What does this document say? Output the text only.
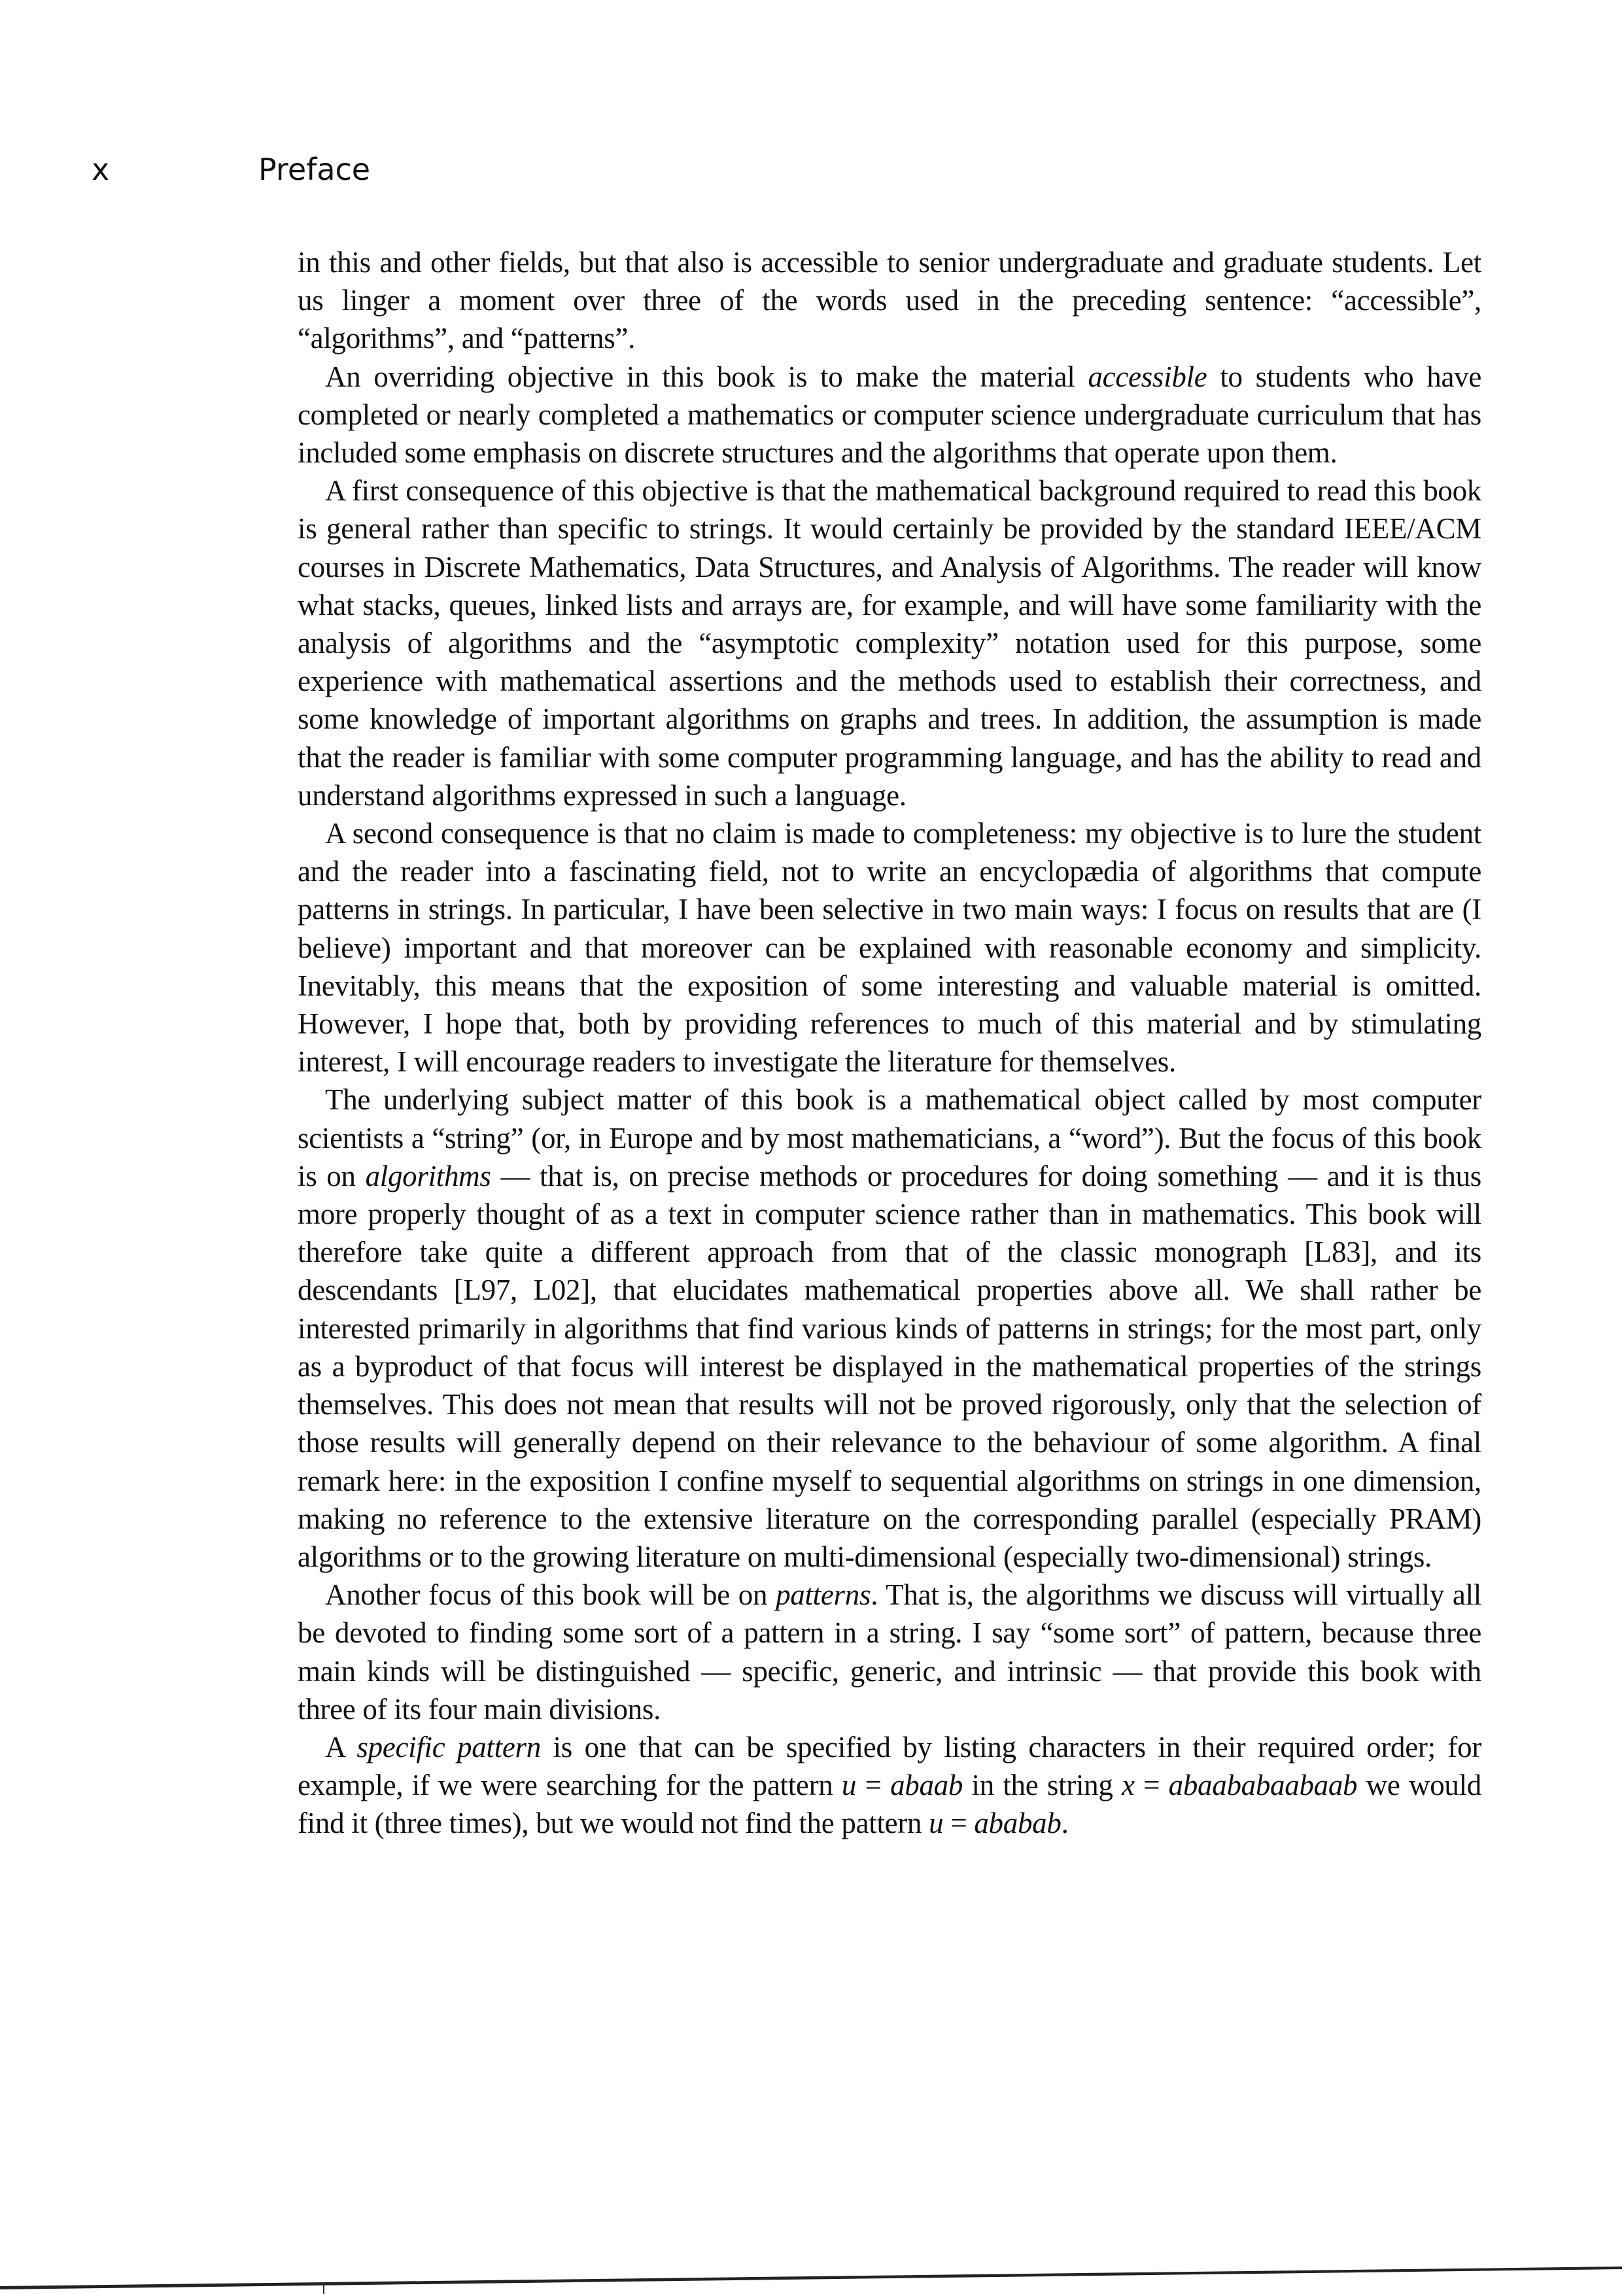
x	Preface

in this and other fields, but that also is accessible to senior undergraduate and graduate students. Let us linger a moment over three of the words used in the preceding sentence: “accessible”, “algorithms”, and “patterns”.

An overriding objective in this book is to make the material accessible to students who have completed or nearly completed a mathematics or computer science undergraduate curriculum that has included some emphasis on discrete structures and the algorithms that operate upon them.

A first consequence of this objective is that the mathematical background required to read this book is general rather than specific to strings. It would certainly be provided by the standard IEEE/ACM courses in Discrete Mathematics, Data Structures, and Analysis of Algorithms. The reader will know what stacks, queues, linked lists and arrays are, for example, and will have some familiarity with the analysis of algorithms and the “asymptotic complexity” notation used for this purpose, some experience with mathematical assertions and the methods used to establish their correctness, and some knowledge of important algorithms on graphs and trees. In addition, the assumption is made that the reader is familiar with some computer programming language, and has the ability to read and understand algorithms expressed in such a language.

A second consequence is that no claim is made to completeness: my objective is to lure the student and the reader into a fascinating field, not to write an encyclopædia of algorithms that compute patterns in strings. In particular, I have been selective in two main ways: I focus on results that are (I believe) important and that moreover can be explained with reasonable economy and simplicity. Inevitably, this means that the exposition of some interesting and valuable material is omitted. However, I hope that, both by providing references to much of this material and by stimulating interest, I will encourage readers to investigate the literature for themselves.

The underlying subject matter of this book is a mathematical object called by most computer scientists a “string” (or, in Europe and by most mathematicians, a “word”). But the focus of this book is on algorithms — that is, on precise methods or procedures for doing something — and it is thus more properly thought of as a text in computer science rather than in mathematics. This book will therefore take quite a different approach from that of the classic monograph [L83], and its descendants [L97, L02], that elucidates mathematical properties above all. We shall rather be interested primarily in algorithms that find various kinds of patterns in strings; for the most part, only as a byproduct of that focus will interest be displayed in the mathematical properties of the strings themselves. This does not mean that results will not be proved rigorously, only that the selection of those results will generally depend on their relevance to the behaviour of some algorithm. A final remark here: in the exposition I confine myself to sequential algorithms on strings in one dimension, making no reference to the extensive literature on the corresponding parallel (especially PRAM) algorithms or to the growing literature on multi-dimensional (especially two-dimensional) strings.

Another focus of this book will be on patterns. That is, the algorithms we discuss will virtually all be devoted to finding some sort of a pattern in a string. I say “some sort” of pattern, because three main kinds will be distinguished — specific, generic, and intrinsic — that provide this book with three of its four main divisions.

A specific pattern is one that can be specified by listing characters in their required order; for example, if we were searching for the pattern u = abaab in the string x = abaababaabaab we would find it (three times), but we would not find the pattern u = ababab.
